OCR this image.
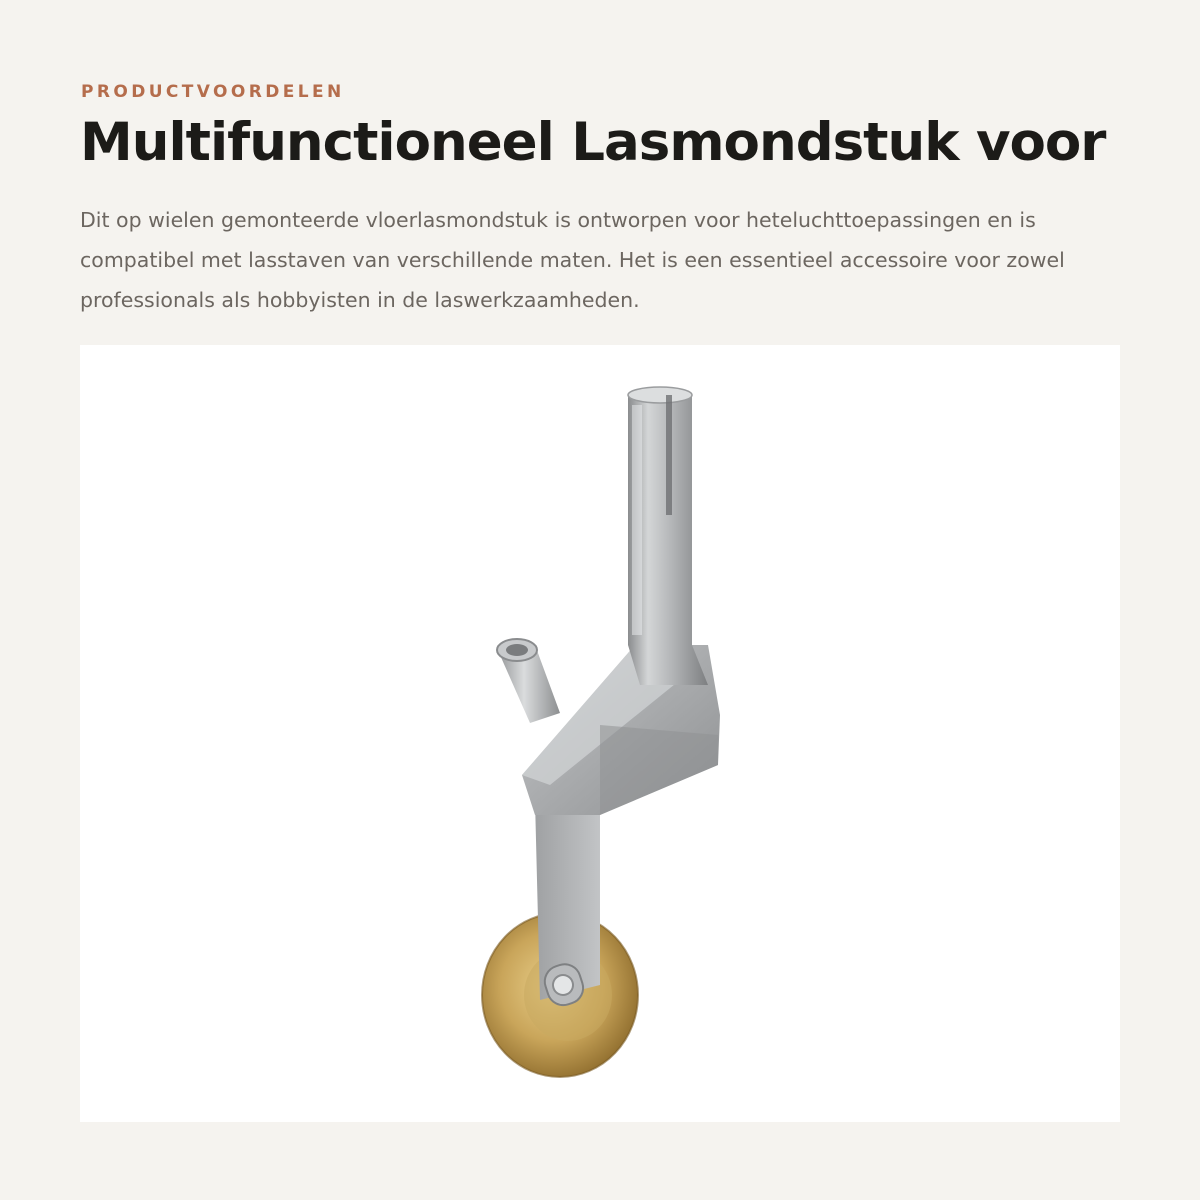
PRODUCTVOORDELEN
Multifunctioneel Lasmondstuk voor

Dit op wielen gemonteerde vloerlasmondstuk is ontworpen voor heteluchttoepassingen en is compatibel met lasstaven van verschillende maten. Het is een essentieel accessoire voor zowel professionals als hobbyisten in de laswerkzaamheden.
